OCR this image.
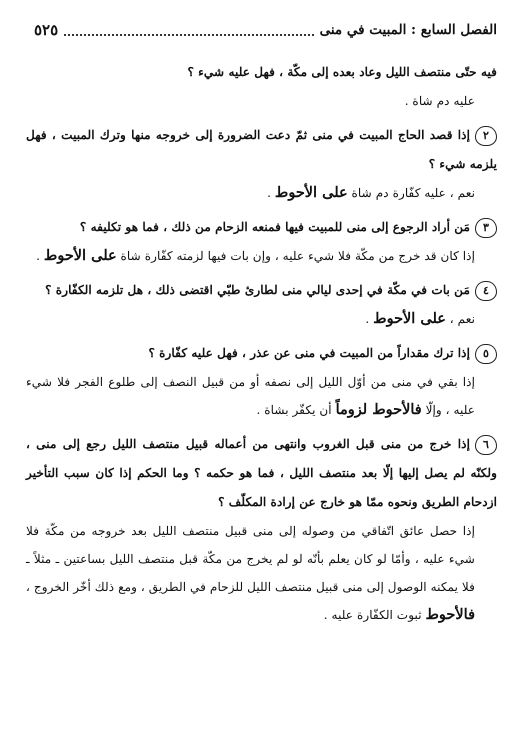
الفصل السابع : المبيت في منى
٥٢٥

فيه حتّى منتصف الليل وعاد بعده إلى مكّة ، فهل عليه شيء ؟

عليه دم شاة .

٢إذا قصد الحاج المبيت في منى ثمّ دعت الضرورة إلى خروجه منها وترك المبيت ، فهل يلزمه شيء ؟

نعم ، عليه كفّارة دم شاة على الأحوط .

٣مَن أراد الرجوع إلى منى للمبيت فيها فمنعه الزحام من ذلك ، فما هو تكليفه ؟

إذا كان قد خرج من مكّة فلا شيء عليه ، وإن بات فيها لزمته كفّارة شاة على الأحوط .

٤مَن بات في مكّة في إحدى ليالي منى لطارئ طبّي اقتضى ذلك ، هل تلزمه الكفّارة ؟

نعم ، على الأحوط .

٥إذا ترك مقداراً من المبيت في منى عن عذر ، فهل عليه كفّارة ؟

إذا بقي في منى من أوّل الليل إلى نصفه أو من قبيل النصف إلى طلوع الفجر فلا شيء عليه ، وإلّا فالأحوط لزوماً أن يكفّر بشاة .

٦إذا خرج من منى قبل الغروب وانتهى من أعماله قبيل منتصف الليل رجع إلى منى ، ولكنّه لم يصل إليها إلّا بعد منتصف الليل ، فما هو حكمه ؟ وما الحكم إذا كان سبب التأخير ازدحام الطريق ونحوه ممّا هو خارج عن إرادة المكلّف ؟

إذا حصل عائق اتّفاقي من وصوله إلى منى قبيل منتصف الليل بعد خروجه من مكّة فلا شيء عليه ، وأمّا لو كان يعلم بأنّه لو لم يخرج من مكّة قبل منتصف الليل بساعتين ـ مثلاً ـ فلا يمكنه الوصول إلى منى قبيل منتصف الليل للزحام في الطريق ، ومع ذلك أخّر الخروج ، فالأحوط ثبوت الكفّارة عليه .
